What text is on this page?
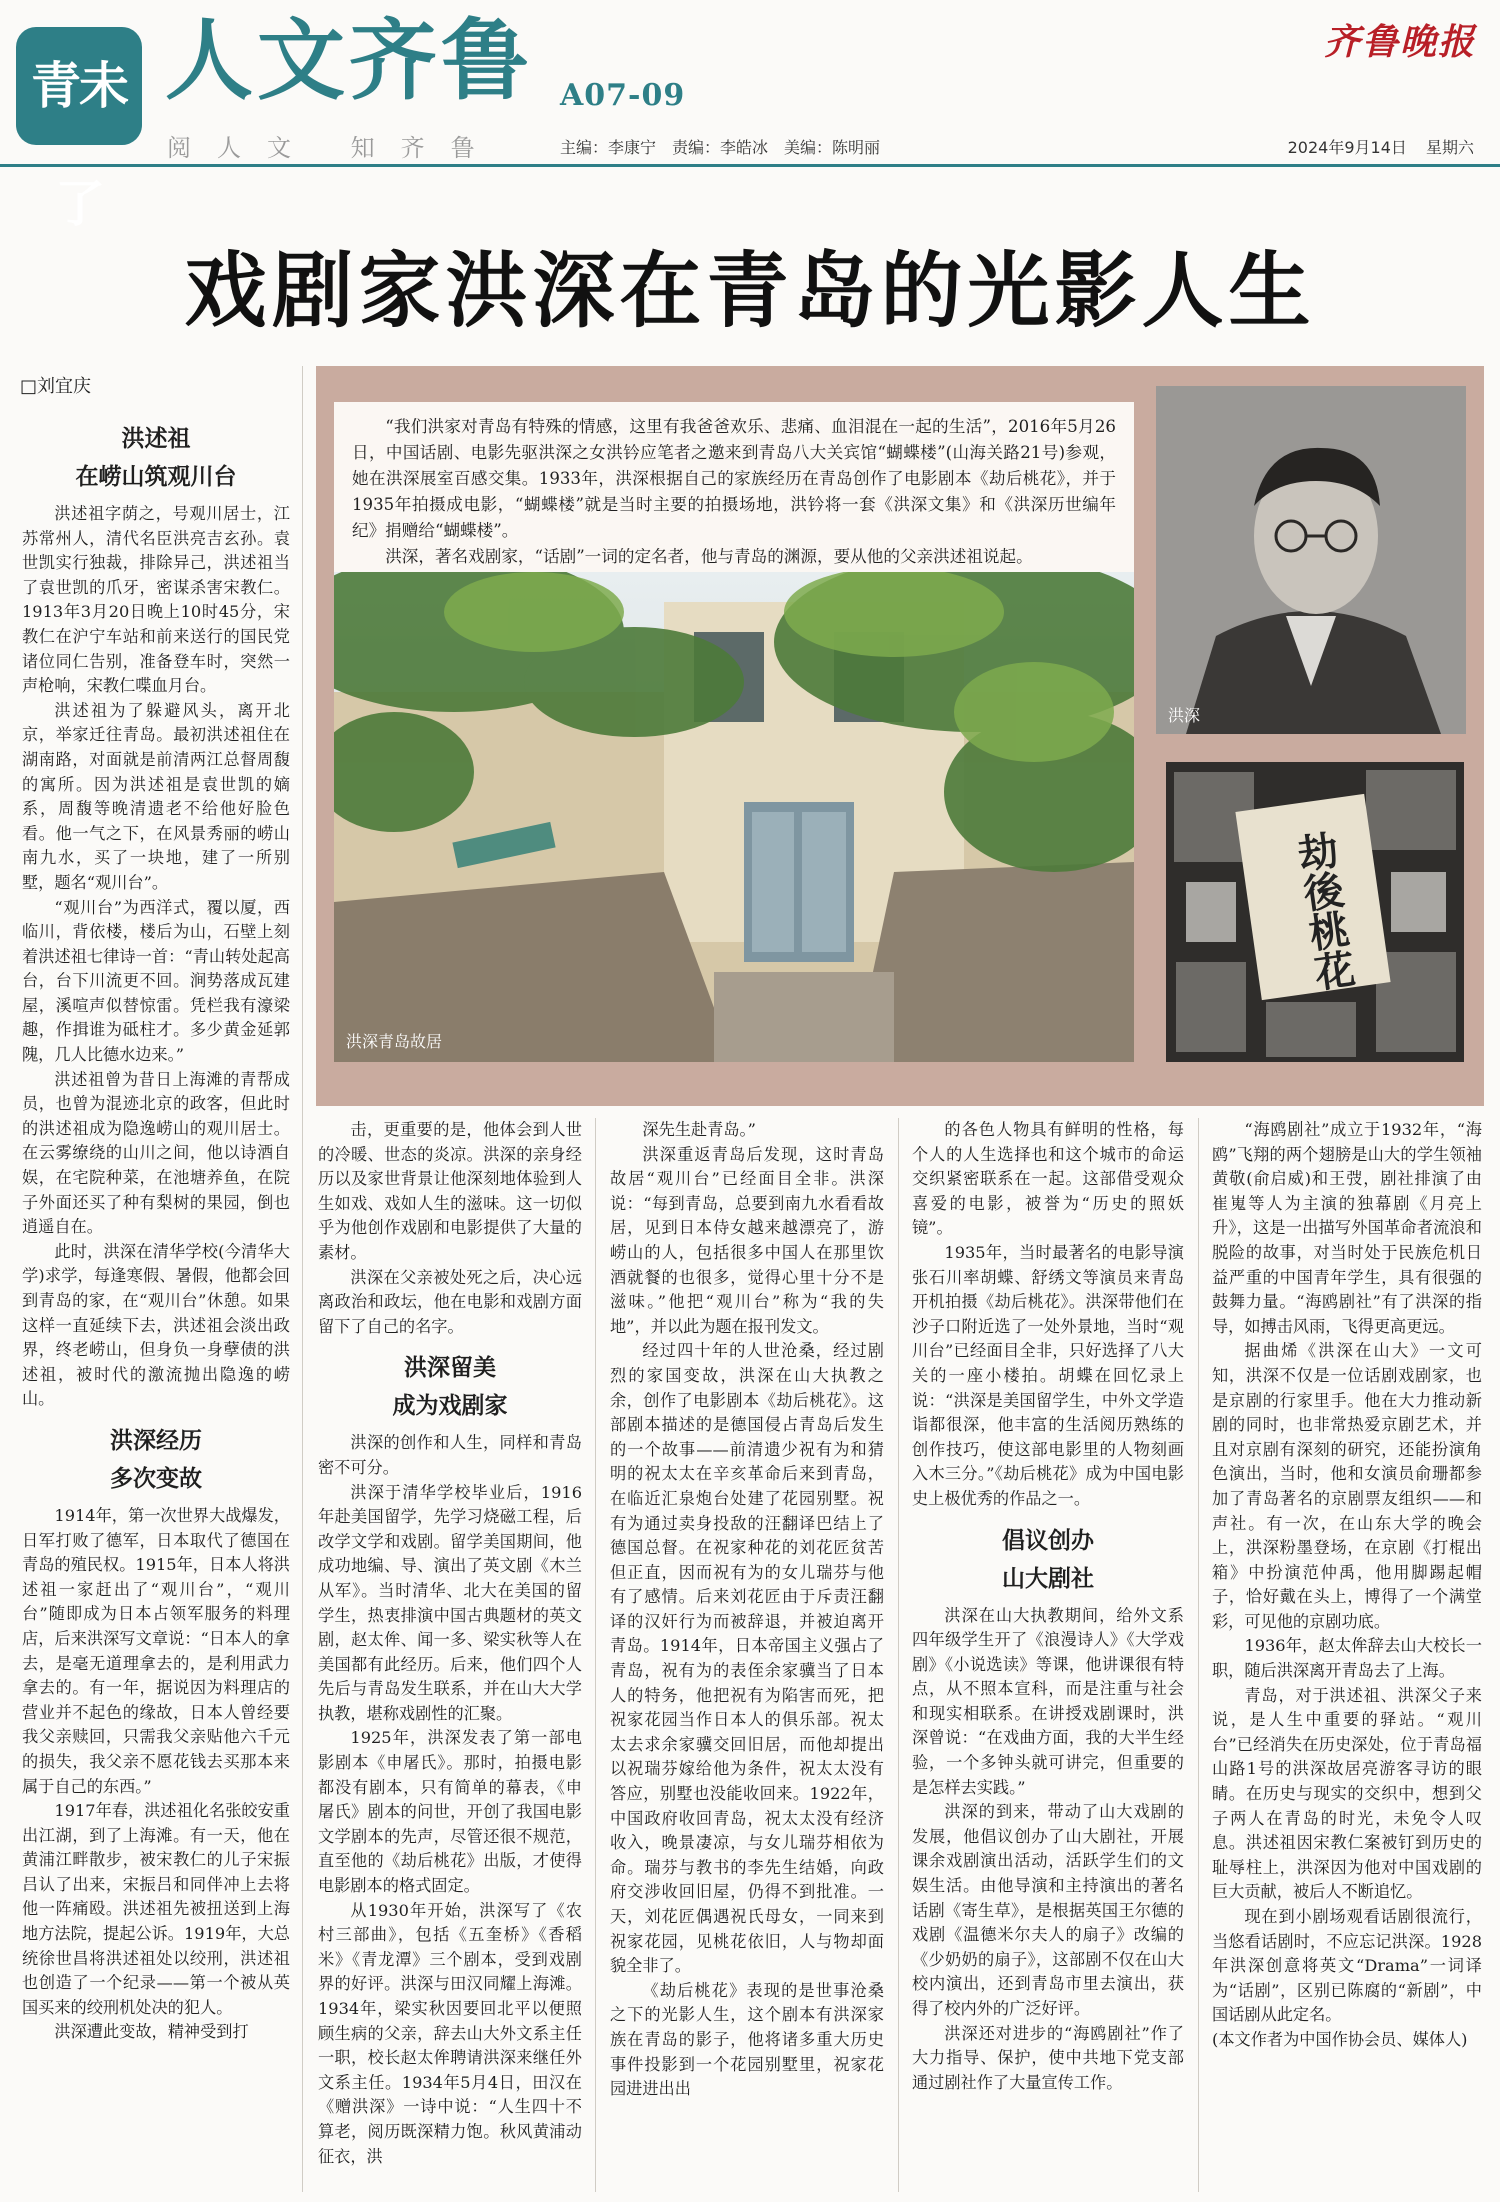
青未了
人文齐鲁 A07-09
齐鲁晚报
阅人文 知齐鲁	主编：李康宁　责编：李皓冰　美编：陈明丽	2024年9月14日 星期六
戏剧家洪深在青岛的光影人生
□刘宜庆

“我们洪家对青岛有特殊的情感，这里有我爸爸欢乐、悲痛、血泪混在一起的生活”，2016年5月26日，中国话剧、电影先驱洪深之女洪钤应笔者之邀来到青岛八大关宾馆“蝴蝶楼”(山海关路21号)参观，她在洪深展室百感交集。1933年，洪深根据自己的家族经历在青岛创作了电影剧本《劫后桃花》，并于1935年拍摄成电影，“蝴蝶楼”就是当时主要的拍摄场地，洪钤将一套《洪深文集》和《洪深历世编年纪》捐赠给“蝴蝶楼”。

洪深，著名戏剧家，“话剧”一词的定名者，他与青岛的渊源，要从他的父亲洪述祖说起。

洪深青岛故居
洪深
劫後桃花
洪述祖
在崂山筑观川台

洪述祖字荫之，号观川居士，江苏常州人，清代名臣洪亮吉玄孙。袁世凯实行独裁，排除异己，洪述祖当了袁世凯的爪牙，密谋杀害宋教仁。1913年3月20日晚上10时45分，宋教仁在沪宁车站和前来送行的国民党诸位同仁告别，准备登车时，突然一声枪响，宋教仁喋血月台。

洪述祖为了躲避风头，离开北京，举家迁往青岛。最初洪述祖住在湖南路，对面就是前清两江总督周馥的寓所。因为洪述祖是袁世凯的嫡系，周馥等晚清遗老不给他好脸色看。他一气之下，在风景秀丽的崂山南九水，买了一块地，建了一所别墅，题名“观川台”。

“观川台”为西洋式，覆以厦，西临川，背依楼，楼后为山，石壁上刻着洪述祖七律诗一首：“青山转处起高台，台下川流更不回。涧势落成瓦建屋，溪喧声似替惊雷。凭栏我有濠梁趣，作揖谁为砥柱才。多少黄金延郭隗，几人比德水边来。”

洪述祖曾为昔日上海滩的青帮成员，也曾为混迹北京的政客，但此时的洪述祖成为隐逸崂山的观川居士。在云雾缭绕的山川之间，他以诗酒自娱，在宅院种菜，在池塘养鱼，在院子外面还买了种有梨树的果园，倒也逍遥自在。

此时，洪深在清华学校(今清华大学)求学，每逢寒假、暑假，他都会回到青岛的家，在“观川台”休憩。如果这样一直延续下去，洪述祖会淡出政界，终老崂山，但身负一身孽债的洪述祖，被时代的激流抛出隐逸的崂山。

洪深经历
多次变故

1914年，第一次世界大战爆发，日军打败了德军，日本取代了德国在青岛的殖民权。1915年，日本人将洪述祖一家赶出了“观川台”，“观川台”随即成为日本占领军服务的料理店，后来洪深写文章说：“日本人的拿去，是毫无道理拿去的，是利用武力拿去的。有一年，据说因为料理店的营业并不起色的缘故，日本人曾经要我父亲赎回，只需我父亲贴他六千元的损失，我父亲不愿花钱去买那本来属于自己的东西。”

1917年春，洪述祖化名张皎安重出江湖，到了上海滩。有一天，他在黄浦江畔散步，被宋教仁的儿子宋振吕认了出来，宋振吕和同伴冲上去将他一阵痛殴。洪述祖先被扭送到上海地方法院，提起公诉。1919年，大总统徐世昌将洪述祖处以绞刑，洪述祖也创造了一个纪录——第一个被从英国买来的绞刑机处决的犯人。

洪深遭此变故，精神受到打

击，更重要的是，他体会到人世的冷暖、世态的炎凉。洪深的亲身经历以及家世背景让他深刻地体验到人生如戏、戏如人生的滋味。这一切似乎为他创作戏剧和电影提供了大量的素材。

洪深在父亲被处死之后，决心远离政治和政坛，他在电影和戏剧方面留下了自己的名字。

洪深留美
成为戏剧家

洪深的创作和人生，同样和青岛密不可分。

洪深于清华学校毕业后，1916年赴美国留学，先学习烧磁工程，后改学文学和戏剧。留学美国期间，他成功地编、导、演出了英文剧《木兰从军》。当时清华、北大在美国的留学生，热衷排演中国古典题材的英文剧，赵太侔、闻一多、梁实秋等人在美国都有此经历。后来，他们四个人先后与青岛发生联系，并在山大大学执教，堪称戏剧性的汇聚。

1925年，洪深发表了第一部电影剧本《申屠氏》。那时，拍摄电影都没有剧本，只有简单的幕表，《申屠氏》剧本的问世，开创了我国电影文学剧本的先声，尽管还很不规范，直至他的《劫后桃花》出版，才使得电影剧本的格式固定。

从1930年开始，洪深写了《农村三部曲》，包括《五奎桥》《香稻米》《青龙潭》三个剧本，受到戏剧界的好评。洪深与田汉同耀上海滩。1934年，梁实秋因要回北平以便照顾生病的父亲，辞去山大外文系主任一职，校长赵太侔聘请洪深来继任外文系主任。1934年5月4日，田汉在《赠洪深》一诗中说：“人生四十不算老，阅历既深精力饱。秋风黄浦动征衣，洪

深先生赴青岛。”

洪深重返青岛后发现，这时青岛故居“观川台”已经面目全非。洪深说：“每到青岛，总要到南九水看看故居，见到日本侍女越来越漂亮了，游崂山的人，包括很多中国人在那里饮酒就餐的也很多，觉得心里十分不是滋味。”他把“观川台”称为“我的失地”，并以此为题在报刊发文。

经过四十年的人世沧桑，经过剧烈的家国变故，洪深在山大执教之余，创作了电影剧本《劫后桃花》。这部剧本描述的是德国侵占青岛后发生的一个故事——前清遗少祝有为和猜明的祝太太在辛亥革命后来到青岛，在临近汇泉炮台处建了花园别墅。祝有为通过卖身投敌的汪翻译巴结上了德国总督。在祝家种花的刘花匠贫苦但正直，因而祝有为的女儿瑞芬与他有了感情。后来刘花匠由于斥责汪翻译的汉奸行为而被辞退，并被迫离开青岛。1914年，日本帝国主义强占了青岛，祝有为的表侄余家骥当了日本人的特务，他把祝有为陷害而死，把祝家花园当作日本人的俱乐部。祝太太去求余家骥交回旧居，而他却提出以祝瑞芬嫁给他为条件，祝太太没有答应，别墅也没能收回来。1922年，中国政府收回青岛，祝太太没有经济收入，晚景凄凉，与女儿瑞芬相依为命。瑞芬与教书的李先生结婚，向政府交涉收回旧屋，仍得不到批准。一天，刘花匠偶遇祝氏母女，一同来到祝家花园，见桃花依旧，人与物却面貌全非了。

《劫后桃花》表现的是世事沧桑之下的光影人生，这个剧本有洪深家族在青岛的影子，他将诸多重大历史事件投影到一个花园别墅里，祝家花园进进出出

的各色人物具有鲜明的性格，每个人的人生选择也和这个城市的命运交织紧密联系在一起。这部借受观众喜爱的电影，被誉为“历史的照妖镜”。

1935年，当时最著名的电影导演张石川率胡蝶、舒绣文等演员来青岛开机拍摄《劫后桃花》。洪深带他们在沙子口附近选了一处外景地，当时“观川台”已经面目全非，只好选择了八大关的一座小楼拍。胡蝶在回忆录上说：“洪深是美国留学生，中外文学造诣都很深，他丰富的生活阅历熟练的创作技巧，使这部电影里的人物刻画入木三分。”《劫后桃花》成为中国电影史上极优秀的作品之一。

倡议创办
山大剧社

洪深在山大执教期间，给外文系四年级学生开了《浪漫诗人》《大学戏剧》《小说选读》等课，他讲课很有特点，从不照本宣科，而是注重与社会和现实相联系。在讲授戏剧课时，洪深曾说：“在戏曲方面，我的大半生经验，一个多钟头就可讲完，但重要的是怎样去实践。”

洪深的到来，带动了山大戏剧的发展，他倡议创办了山大剧社，开展课余戏剧演出活动，活跃学生们的文娱生活。由他导演和主持演出的著名话剧《寄生草》，是根据英国王尔德的戏剧《温德米尔夫人的扇子》改编的《少奶奶的扇子》，这部剧不仅在山大校内演出，还到青岛市里去演出，获得了校内外的广泛好评。

洪深还对进步的“海鸥剧社”作了大力指导、保护，使中共地下党支部通过剧社作了大量宣传工作。

“海鸥剧社”成立于1932年，“海鸥”飞翔的两个翅膀是山大的学生领袖黄敬(俞启威)和王弢，剧社排演了由崔嵬等人为主演的独幕剧《月亮上升》，这是一出描写外国革命者流浪和脱险的故事，对当时处于民族危机日益严重的中国青年学生，具有很强的鼓舞力量。“海鸥剧社”有了洪深的指导，如搏击风雨，飞得更高更远。

据曲烯《洪深在山大》一文可知，洪深不仅是一位话剧戏剧家，也是京剧的行家里手。他在大力推动新剧的同时，也非常热爱京剧艺术，并且对京剧有深刻的研究，还能扮演角色演出，当时，他和女演员俞珊都参加了青岛著名的京剧票友组织——和声社。有一次，在山东大学的晚会上，洪深粉墨登场，在京剧《打棍出箱》中扮演范仲禹，他用脚踢起帽子，恰好戴在头上，博得了一个满堂彩，可见他的京剧功底。

1936年，赵太侔辞去山大校长一职，随后洪深离开青岛去了上海。

青岛，对于洪述祖、洪深父子来说，是人生中重要的驿站。“观川台”已经消失在历史深处，位于青岛福山路1号的洪深故居亮游客寻访的眼睛。在历史与现实的交织中，想到父子两人在青岛的时光，未免令人叹息。洪述祖因宋教仁案被钉到历史的耻辱柱上，洪深因为他对中国戏剧的巨大贡献，被后人不断追忆。

现在到小剧场观看话剧很流行，当悠看话剧时，不应忘记洪深。1928年洪深创意将英文“Drama”一词译为“话剧”，区别已陈腐的“新剧”，中国话剧从此定名。

(本文作者为中国作协会员、媒体人)
